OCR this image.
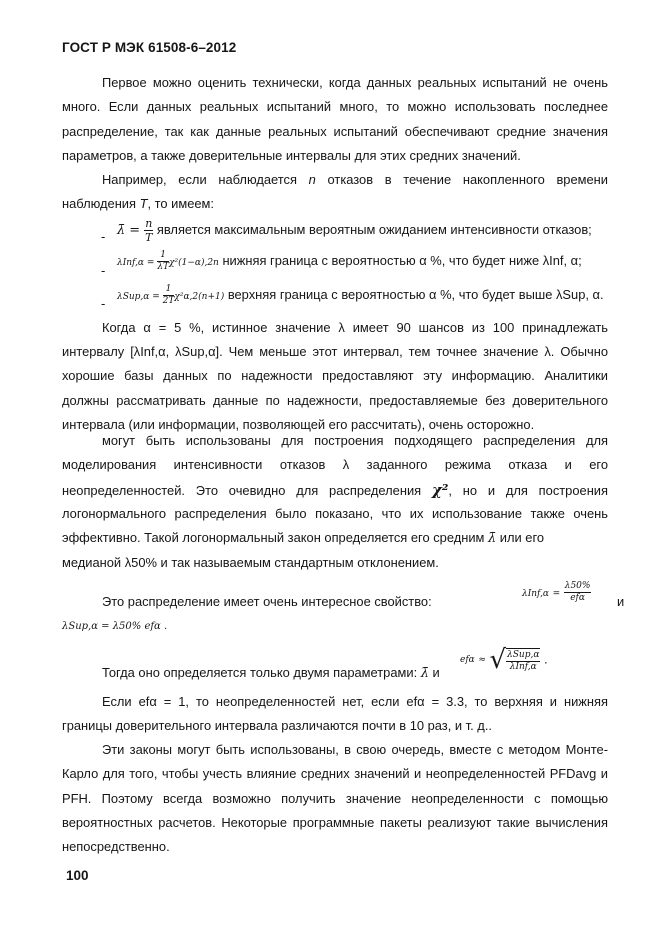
ГОСТ Р МЭК 61508-6–2012

Первое можно оценить технически, когда данных реальных испытаний не очень много. Если данных реальных испытаний много, то можно использовать последнее распределение, так как данные реальных испытаний обеспечивают средние значения параметров, а также доверительные интервалы для этих средних значений.

Например, если наблюдается n отказов в течение накопленного времени наблюдения T, то имеем:

- λ̄ = $\frac{n}{T}$ является максимальным вероятным ожиданием интенсивности отказов;
-
$\lambda Inf,\alpha = \frac{1}{\lambda T} \chi^2(1-\alpha),2n$ нижняя граница с вероятностью α %, что будет ниже λInf, α;
- $\lambda Sup,\alpha = \frac{1}{2T} \chi^2\alpha,2(n+1)$ верхняя граница с вероятностью α %, что будет выше λSup, α.

Когда α = 5 %, истинное значение λ имеет 90 шансов из 100 принадлежать

интервалу [λInf,α, λSup,α]. Чем меньше этот интервал, тем точнее значение λ. Обычно хорошие базы данных по надежности предоставляют эту информацию. Аналитики должны рассматривать данные по надежности, предоставляемые без доверительного интервала (или информации, позволяющей его рассчитать), очень осторожно.

могут быть использованы для построения подходящего распределения для

моделирования интенсивности отказов λ заданного режима отказа и его

неопределенностей. Это очевидно для распределения χ², но и для построения

логонормального распределения было показано, что их использование также очень эффективно. Такой логонормальный закон определяется его средним λ̄ или его

медианой λ50% и так называемым стандартным отклонением.

Это распределение имеет очень интересное свойство:
$\lambda Inf,\alpha = \frac{\lambda 50\%}{\text{efα}}$ и
λSup,α = λ50% efα .
Тогда оно определяется только двумя параметрами: λ̄ и
efα ≈ √ $\frac{\text{λSup,α}}{\text{λInf,α}}$ .

Если efα = 1, то неопределенностей нет, если efα = 3.3, то верхняя и нижняя границы доверительного интервала различаются почти в 10 раз, и т. д..

Эти законы могут быть использованы, в свою очередь, вместе с методом Монте-Карло для того, чтобы учесть влияние средних значений и неопределенностей PFDavg и PFH. Поэтому всегда возможно получить значение неопределенности с помощью вероятностных расчетов. Некоторые программные пакеты реализуют такие вычисления непосредственно.

100
